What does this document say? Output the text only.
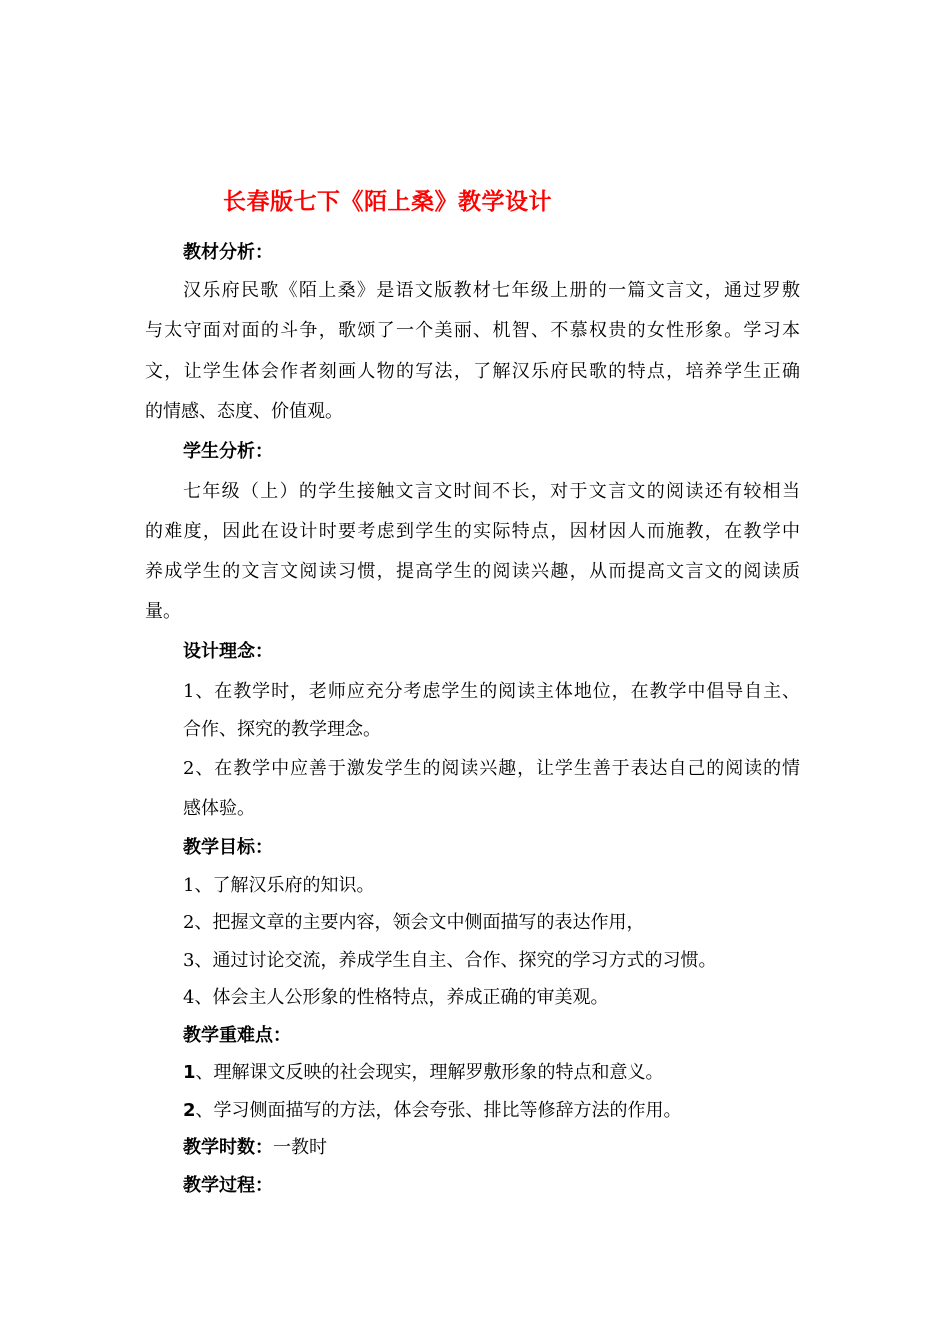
长春版七下《陌上桑》教学设计
教材分析：
汉乐府民歌《陌上桑》是语文版教材七年级上册的一篇文言文，通过罗敷
与太守面对面的斗争，歌颂了一个美丽、机智、不慕权贵的女性形象。学习本
文，让学生体会作者刻画人物的写法，了解汉乐府民歌的特点，培养学生正确
的情感、态度、价值观。
学生分析：
七年级（上）的学生接触文言文时间不长，对于文言文的阅读还有较相当
的难度，因此在设计时要考虑到学生的实际特点，因材因人而施教，在教学中
养成学生的文言文阅读习惯，提高学生的阅读兴趣，从而提高文言文的阅读质
量。
设计理念：
1、在教学时，老师应充分考虑学生的阅读主体地位，在教学中倡导自主、
合作、探究的教学理念。
2、在教学中应善于激发学生的阅读兴趣，让学生善于表达自己的阅读的情
感体验。
教学目标：
1、了解汉乐府的知识。
2、把握文章的主要内容，领会文中侧面描写的表达作用，
3、通过讨论交流，养成学生自主、合作、探究的学习方式的习惯。
4、体会主人公形象的性格特点，养成正确的审美观。
教学重难点：
1、理解课文反映的社会现实，理解罗敷形象的特点和意义。
2、学习侧面描写的方法，体会夸张、排比等修辞方法的作用。
教学时数：一教时
教学过程：
